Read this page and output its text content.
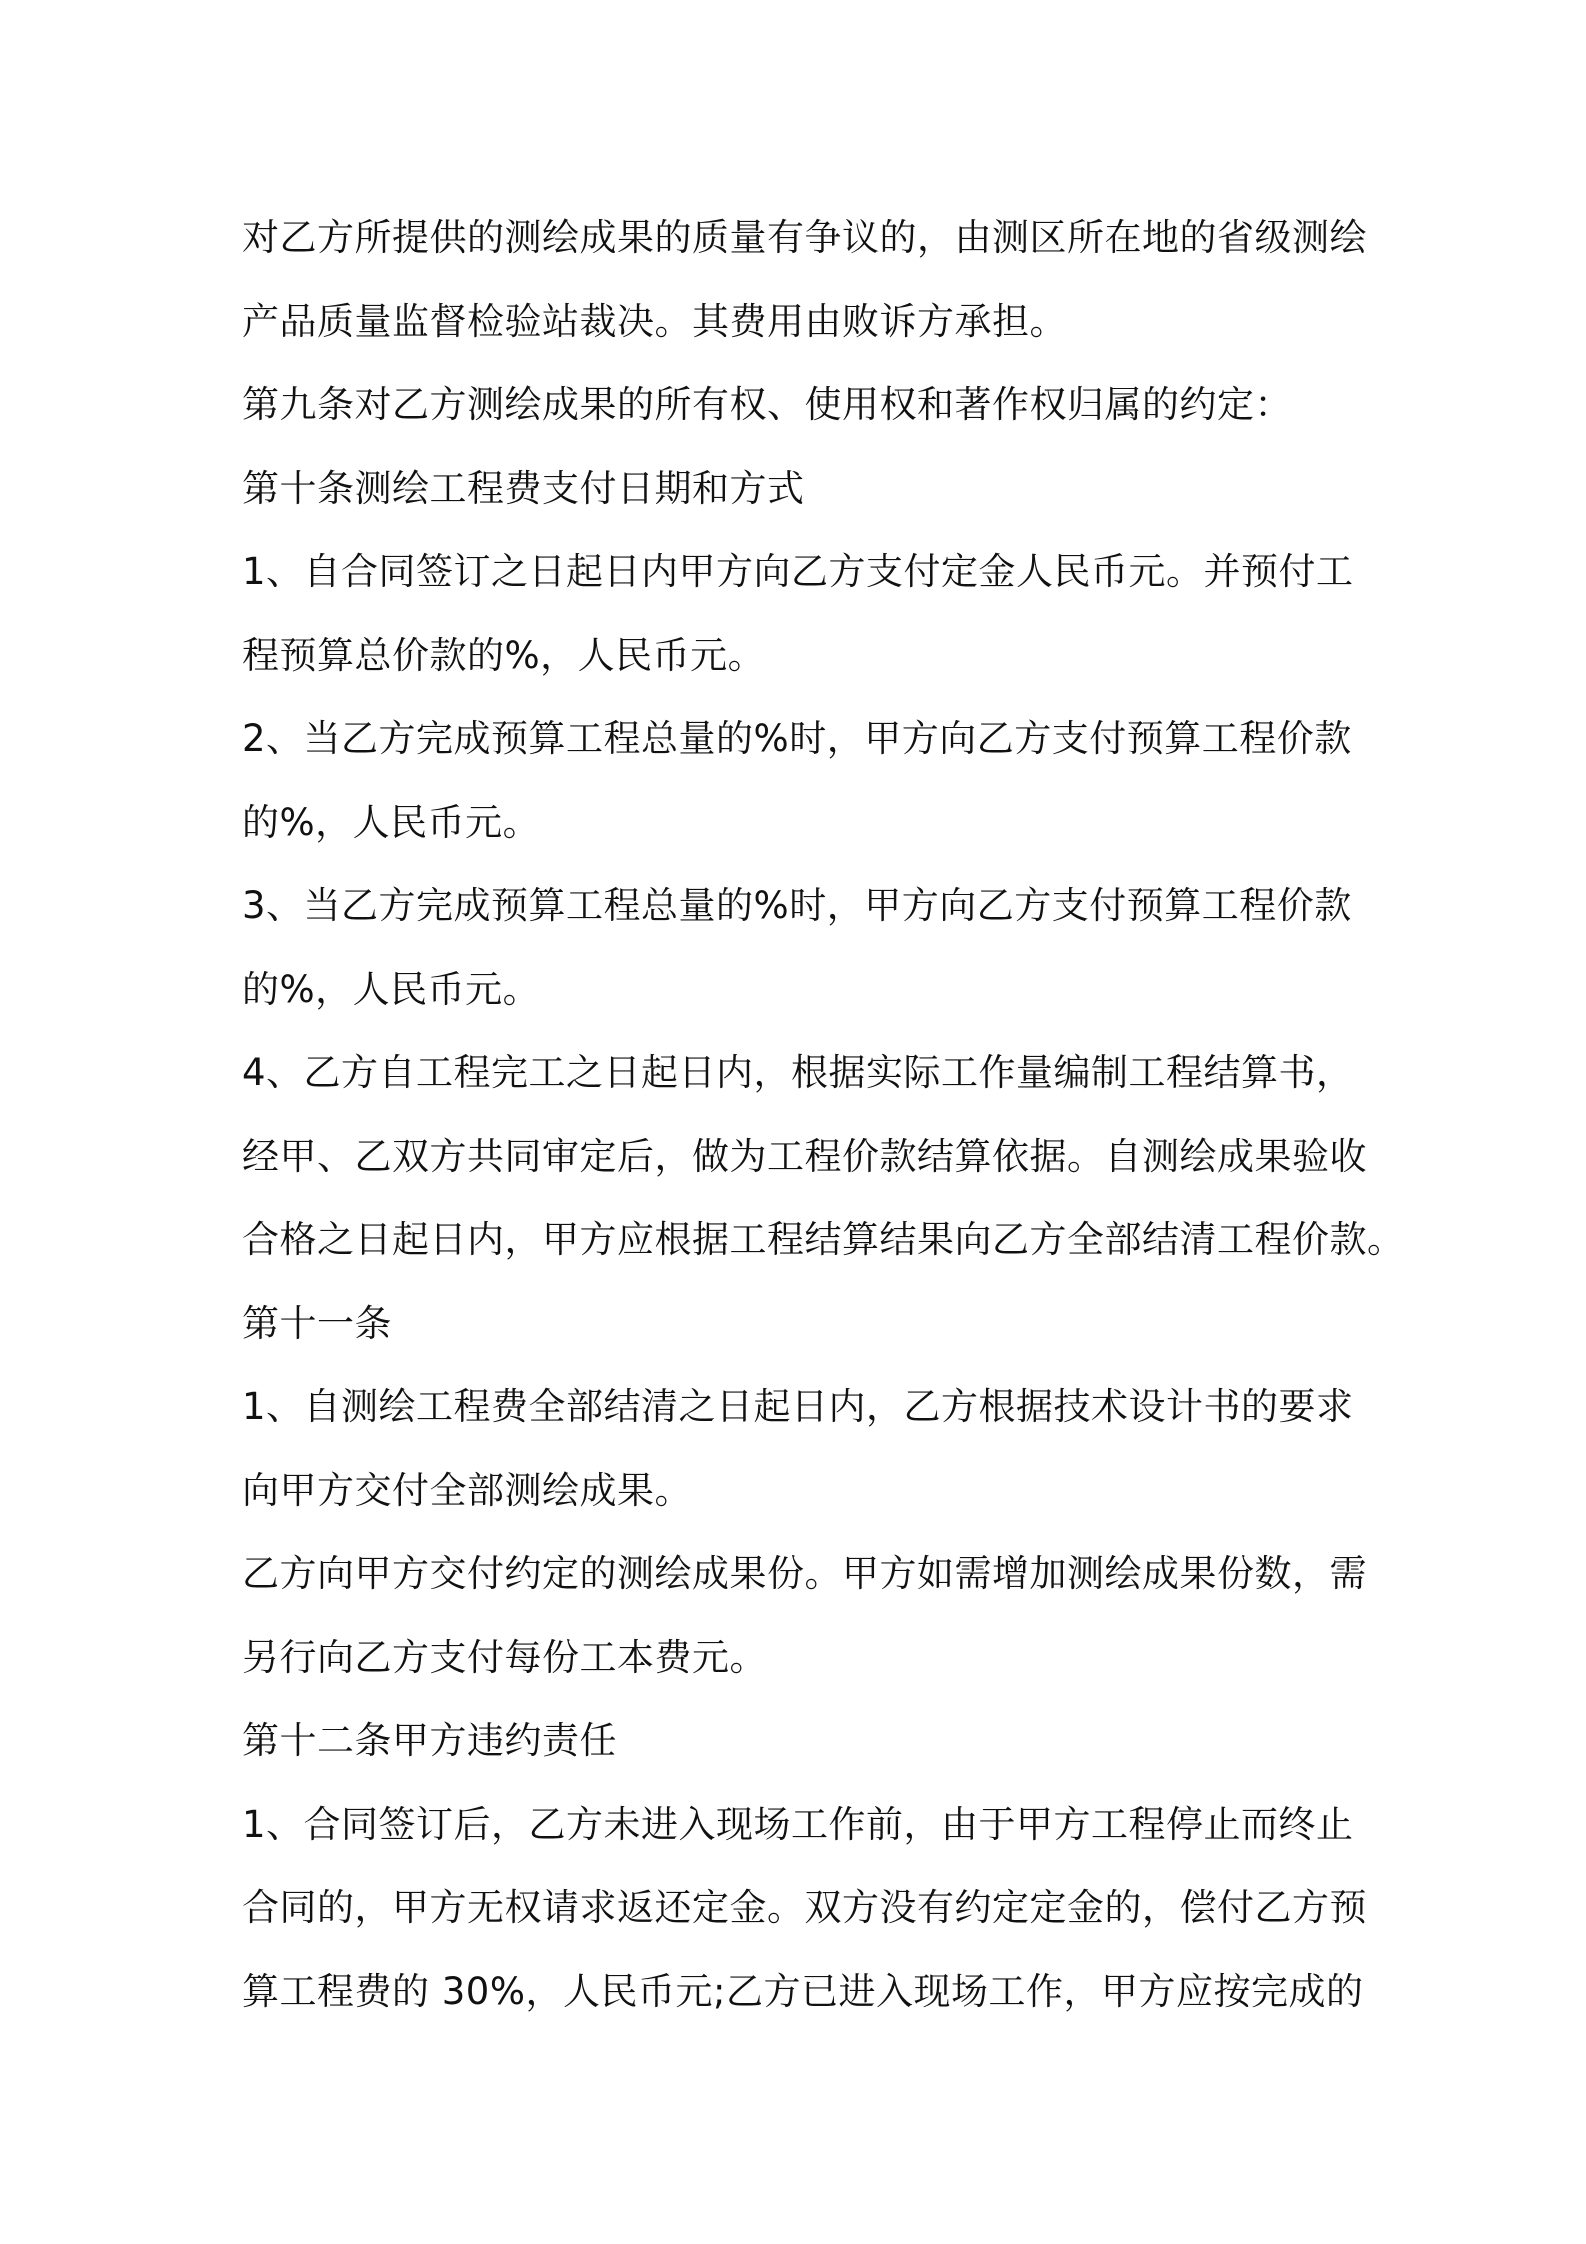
对乙方所提供的测绘成果的质量有争议的，由测区所在地的省级测绘
产品质量监督检验站裁决。其费用由败诉方承担。
第九条对乙方测绘成果的所有权、使用权和著作权归属的约定：
第十条测绘工程费支付日期和方式
1、自合同签订之日起日内甲方向乙方支付定金人民币元。并预付工
程预算总价款的%，人民币元。
2、当乙方完成预算工程总量的%时，甲方向乙方支付预算工程价款
的%，人民币元。
3、当乙方完成预算工程总量的%时，甲方向乙方支付预算工程价款
的%，人民币元。
4、乙方自工程完工之日起日内，根据实际工作量编制工程结算书，
经甲、乙双方共同审定后，做为工程价款结算依据。自测绘成果验收
合格之日起日内，甲方应根据工程结算结果向乙方全部结清工程价款。
第十一条
1、自测绘工程费全部结清之日起日内，乙方根据技术设计书的要求
向甲方交付全部测绘成果。
乙方向甲方交付约定的测绘成果份。甲方如需增加测绘成果份数，需
另行向乙方支付每份工本费元。
第十二条甲方违约责任
1、合同签订后，乙方未进入现场工作前，由于甲方工程停止而终止
合同的，甲方无权请求返还定金。双方没有约定定金的，偿付乙方预
算工程费的 30%，人民币元;乙方已进入现场工作，甲方应按完成的
